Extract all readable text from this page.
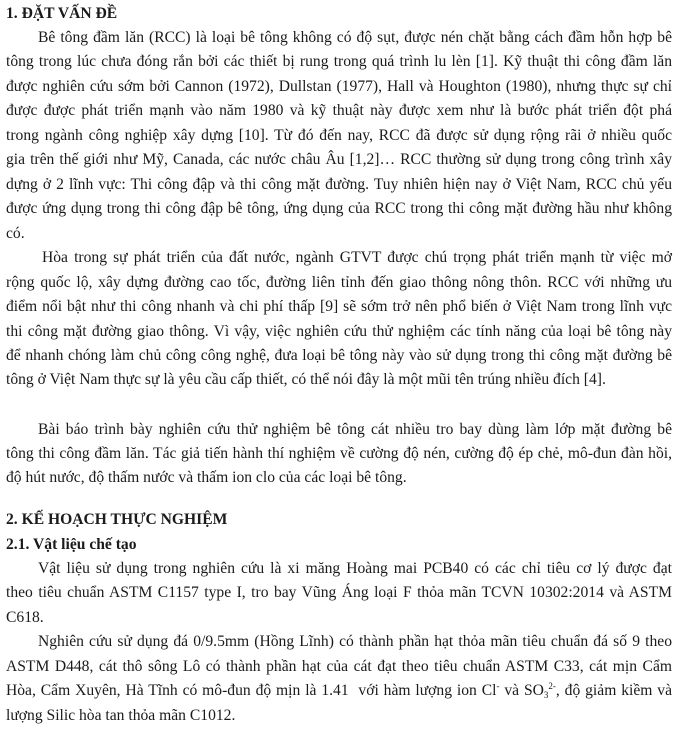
1. ĐẶT VẤN ĐỀ
Bê tông đầm lăn (RCC) là loại bê tông không có độ sụt, được nén chặt bằng cách đầm hỗn hợp bê
tông trong lúc chưa đóng rắn bởi các thiết bị rung trong quá trình lu lèn [1]. Kỹ thuật thi công đầm lăn
được nghiên cứu sớm bởi Cannon (1972), Dullstan (1977), Hall và Houghton (1980), nhưng thực sự chỉ
được được phát triển mạnh vào năm 1980 và kỹ thuật này được xem như là bước phát triển đột phá
trong ngành công nghiệp xây dựng [10]. Từ đó đến nay, RCC đã được sử dụng rộng rãi ở nhiều quốc
gia trên thế giới như Mỹ, Canada, các nước châu Âu [1,2]… RCC thường sử dụng trong công trình xây
dựng ở 2 lĩnh vực: Thi công đập và thi công mặt đường. Tuy nhiên hiện nay ở Việt Nam, RCC chủ yếu
được ứng dụng trong thi công đập bê tông, ứng dụng của RCC trong thi công mặt đường hầu như không
có.
Hòa trong sự phát triển của đất nước, ngành GTVT được chú trọng phát triển mạnh từ việc mở
rộng quốc lộ, xây dựng đường cao tốc, đường liên tỉnh đến giao thông nông thôn. RCC với những ưu
điểm nổi bật như thi công nhanh và chi phí thấp [9] sẽ sớm trở nên phổ biến ở Việt Nam trong lĩnh vực
thi công mặt đường giao thông. Vì vậy, việc nghiên cứu thử nghiệm các tính năng của loại bê tông này
để nhanh chóng làm chủ công công nghệ, đưa loại bê tông này vào sử dụng trong thi công mặt đường bê
tông ở Việt Nam thực sự là yêu cầu cấp thiết, có thể nói đây là một mũi tên trúng nhiều đích [4].
Bài báo trình bày nghiên cứu thử nghiệm bê tông cát nhiều tro bay dùng làm lớp mặt đường bê
tông thi công đầm lăn. Tác giả tiến hành thí nghiệm về cường độ nén, cường độ ép chẻ, mô-đun đàn hồi,
độ hút nước, độ thấm nước và thấm ion clo của các loại bê tông.
2. KẾ HOẠCH THỰC NGHIỆM
2.1. Vật liệu chế tạo
Vật liệu sử dụng trong nghiên cứu là xi măng Hoàng mai PCB40 có các chỉ tiêu cơ lý được đạt
theo tiêu chuẩn ASTM C1157 type I, tro bay Vũng Áng loại F thỏa mãn TCVN 10302:2014 và ASTM
C618.
Nghiên cứu sử dụng đá 0/9.5mm (Hồng Lĩnh) có thành phần hạt thỏa mãn tiêu chuẩn đá số 9 theo
ASTM D448, cát thô sông Lô có thành phần hạt của cát đạt theo tiêu chuẩn ASTM C33, cát mịn Cẩm
Hòa, Cẩm Xuyên, Hà Tĩnh có mô-đun độ mịn là 1.41  với hàm lượng ion Cl- và $SO_3^{2-}$, độ giảm kiềm và
lượng Silic hòa tan thỏa mãn C1012.
